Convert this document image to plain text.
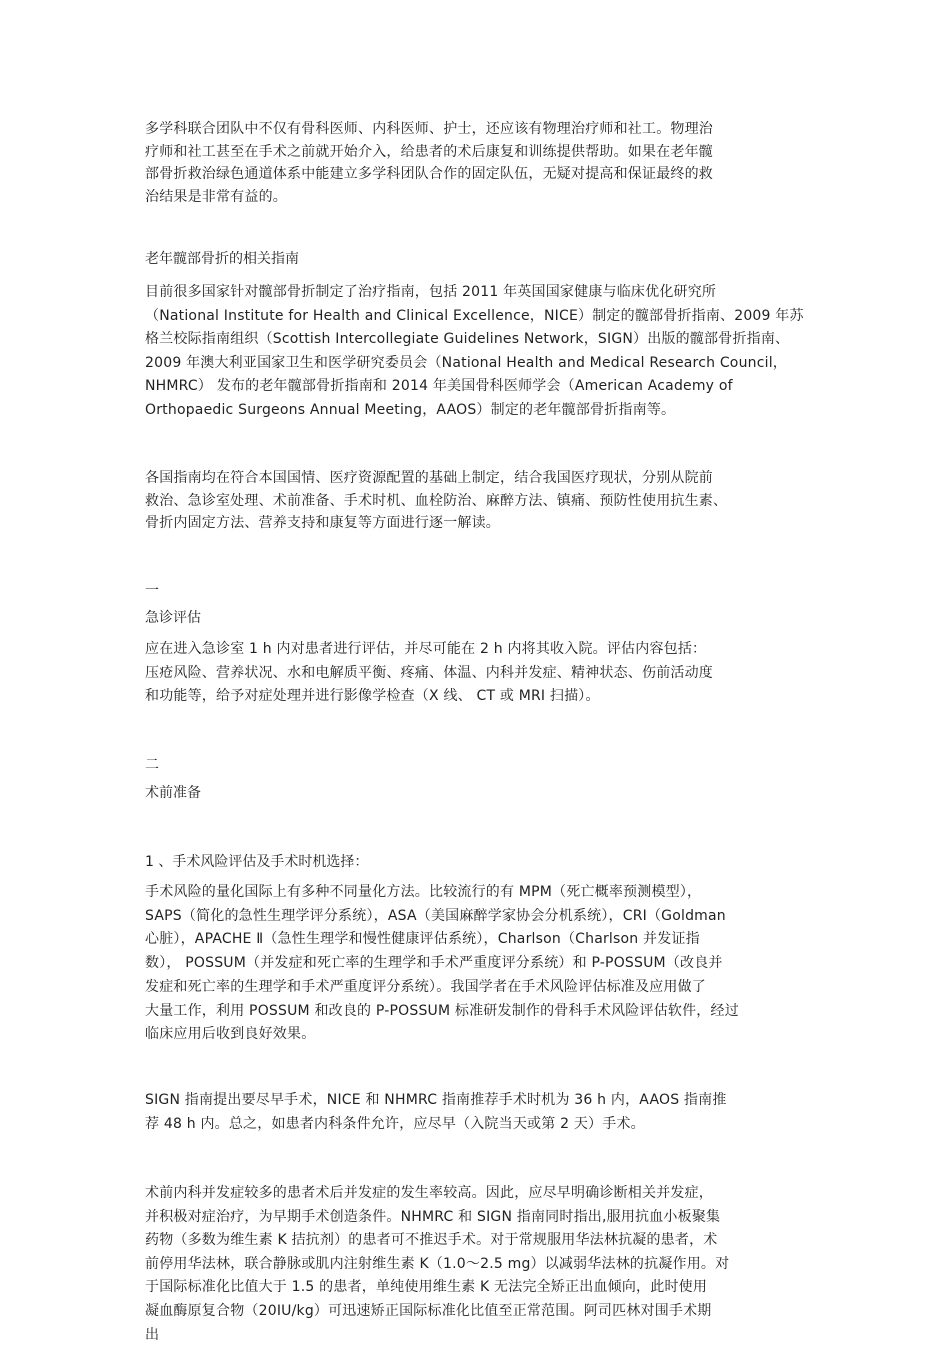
多学科联合团队中不仅有骨科医师、内科医师、护士，还应该有物理治疗师和社工。物理治
疗师和社工甚至在手术之前就开始介入，给患者的术后康复和训练提供帮助。如果在老年髋
部骨折救治绿色通道体系中能建立多学科团队合作的固定队伍，无疑对提高和保证最终的救
治结果是非常有益的。
老年髋部骨折的相关指南
目前很多国家针对髋部骨折制定了治疗指南，包括 2011 年英国国家健康与临床优化研究所
（National Institute for Health and Clinical Excellence，NICE）制定的髋部骨折指南、2009 年苏
格兰校际指南组织（Scottish Intercollegiate Guidelines Network，SIGN）出版的髋部骨折指南、
2009 年澳大利亚国家卫生和医学研究委员会（National Health and Medical Research Council，
NHMRC） 发布的老年髋部骨折指南和 2014 年美国骨科医师学会（American Academy of
Orthopaedic Surgeons Annual Meeting，AAOS）制定的老年髋部骨折指南等。
各国指南均在符合本国国情、医疗资源配置的基础上制定，结合我国医疗现状，分别从院前
救治、急诊室处理、术前准备、手术时机、血栓防治、麻醉方法、镇痛、预防性使用抗生素、
骨折内固定方法、营养支持和康复等方面进行逐一解读。
一
急诊评估
应在进入急诊室 1 h 内对患者进行评估，并尽可能在 2 h 内将其收入院。评估内容包括：
压疮风险、营养状况、水和电解质平衡、疼痛、体温、内科并发症、精神状态、伤前活动度
和功能等，给予对症处理并进行影像学检查（X 线、 CT 或 MRI 扫描）。
二
术前准备
1 、手术风险评估及手术时机选择：
手术风险的量化国际上有多种不同量化方法。比较流行的有 MPM（死亡概率预测模型），
SAPS（简化的急性生理学评分系统），ASA（美国麻醉学家协会分机系统），CRI（Goldman
心脏），APACHE Ⅱ（急性生理学和慢性健康评估系统），Charlson（Charlson 并发证指
数）， POSSUM（并发症和死亡率的生理学和手术严重度评分系统）和 P-POSSUM（改良并
发症和死亡率的生理学和手术严重度评分系统）。我国学者在手术风险评估标准及应用做了
大量工作，利用 POSSUM 和改良的 P-POSSUM 标准研发制作的骨科手术风险评估软件，经过
临床应用后收到良好效果。
SIGN 指南提出要尽早手术，NICE 和 NHMRC 指南推荐手术时机为 36 h 内，AAOS 指南推
荐 48 h 内。总之，如患者内科条件允许，应尽早（入院当天或第 2 天）手术。
术前内科并发症较多的患者术后并发症的发生率较高。因此，应尽早明确诊断相关并发症，
并积极对症治疗，为早期手术创造条件。NHMRC 和 SIGN 指南同时指出,服用抗血小板聚集
药物（多数为维生素 K 拮抗剂）的患者可不推迟手术。对于常规服用华法林抗凝的患者，术
前停用华法林，联合静脉或肌内注射维生素 K（1.0～2.5 mg）以减弱华法林的抗凝作用。对
于国际标准化比值大于 1.5 的患者，单纯使用维生素 K 无法完全矫正出血倾向，此时使用
凝血酶原复合物（20IU/kg）可迅速矫正国际标准化比值至正常范围。阿司匹林对围手术期
出
